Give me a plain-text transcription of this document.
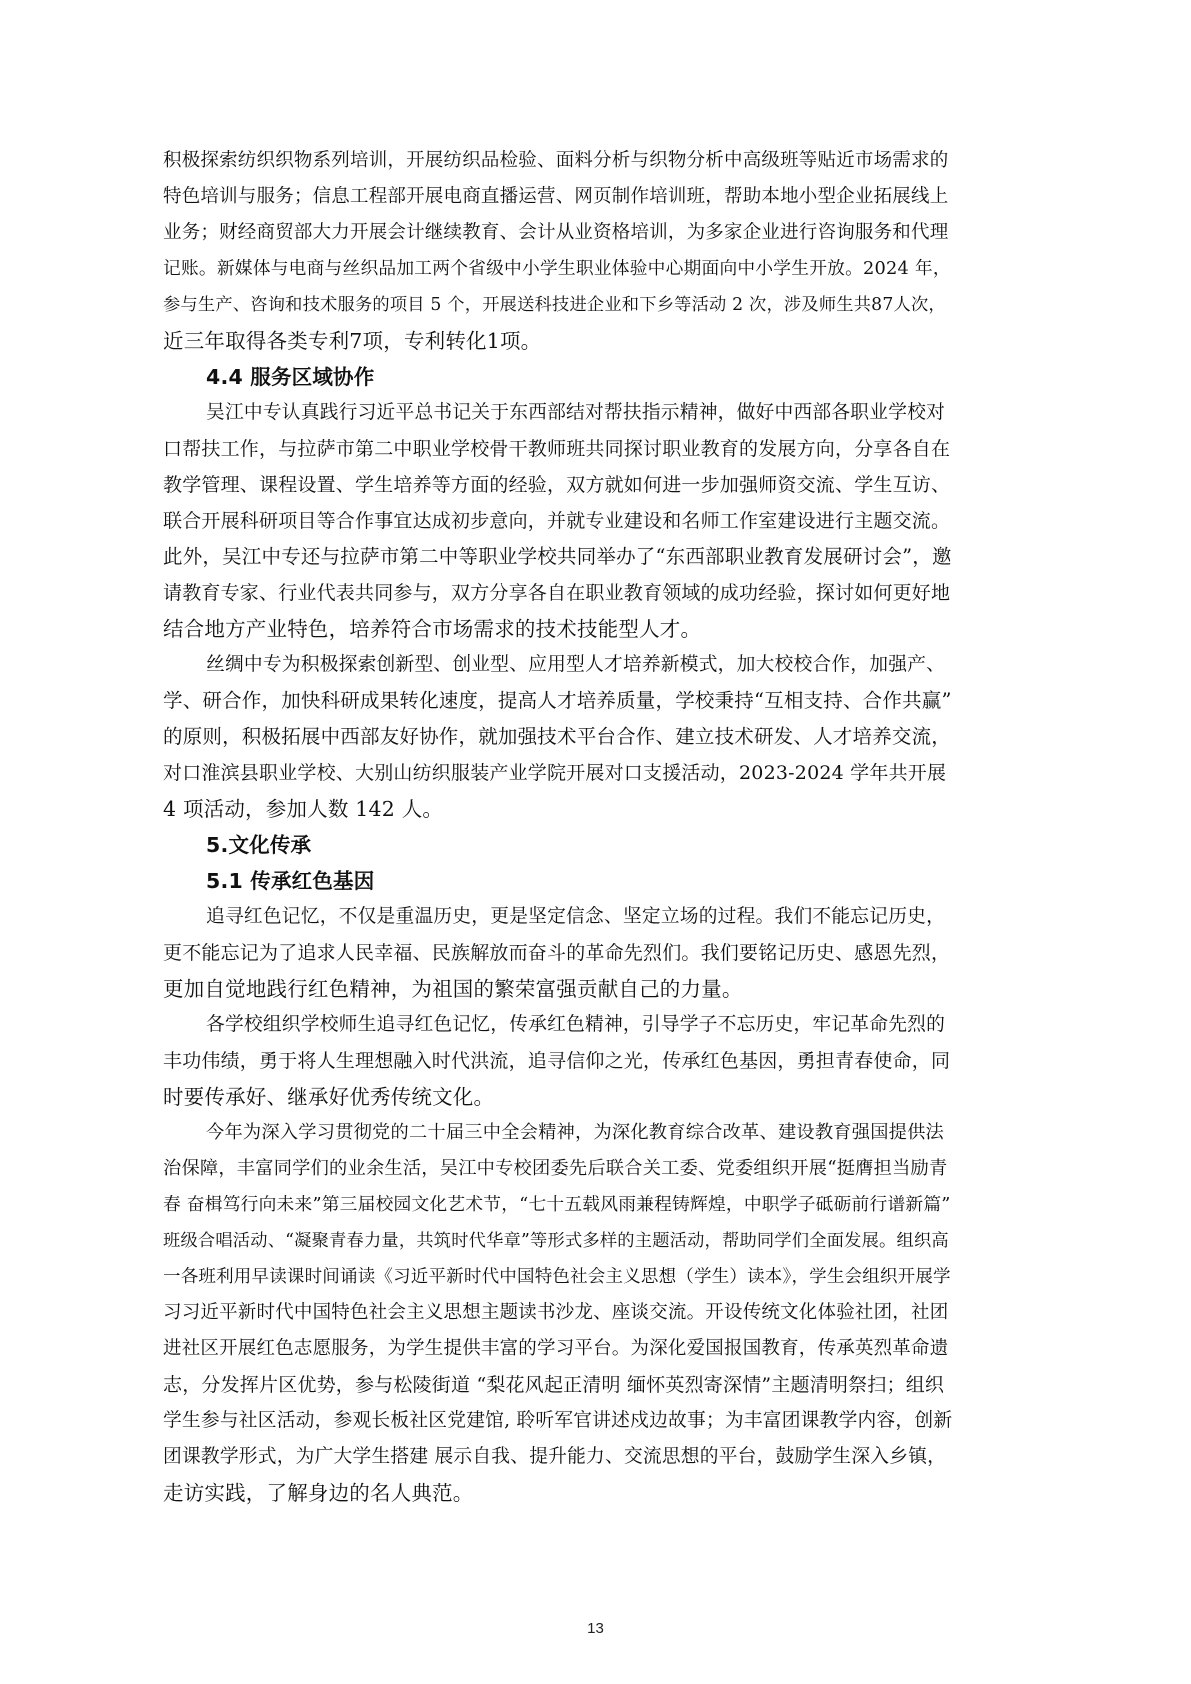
积极探索纺织织物系列培训，开展纺织品检验、面料分析与织物分析中高级班等贴近市场需求的
特色培训与服务；信息工程部开展电商直播运营、网页制作培训班，帮助本地小型企业拓展线上
业务；财经商贸部大力开展会计继续教育、会计从业资格培训，为多家企业进行咨询服务和代理
记账。新媒体与电商与丝织品加工两个省级中小学生职业体验中心期面向中小学生开放。2024 年，
参与生产、咨询和技术服务的项目 5 个，开展送科技进企业和下乡等活动 2 次，涉及师生共87人次，
近三年取得各类专利7项，专利转化1项。
4.4 服务区域协作
吴江中专认真践行习近平总书记关于东西部结对帮扶指示精神，做好中西部各职业学校对
口帮扶工作，与拉萨市第二中职业学校骨干教师班共同探讨职业教育的发展方向，分享各自在
教学管理、课程设置、学生培养等方面的经验，双方就如何进一步加强师资交流、学生互访、
联合开展科研项目等合作事宜达成初步意向，并就专业建设和名师工作室建设进行主题交流。
此外，吴江中专还与拉萨市第二中等职业学校共同举办了“东西部职业教育发展研讨会”，邀
请教育专家、行业代表共同参与，双方分享各自在职业教育领域的成功经验，探讨如何更好地
结合地方产业特色，培养符合市场需求的技术技能型人才。
丝绸中专为积极探索创新型、创业型、应用型人才培养新模式，加大校校合作，加强产、
学、研合作，加快科研成果转化速度，提高人才培养质量，学校秉持“互相支持、合作共赢”
的原则，积极拓展中西部友好协作，就加强技术平台合作、建立技术研发、人才培养交流，
对口淮滨县职业学校、大别山纺织服装产业学院开展对口支援活动，2023-2024 学年共开展
4 项活动，参加人数 142 人。
5.文化传承
5.1 传承红色基因
追寻红色记忆，不仅是重温历史，更是坚定信念、坚定立场的过程。我们不能忘记历史，
更不能忘记为了追求人民幸福、民族解放而奋斗的革命先烈们。我们要铭记历史、感恩先烈，
更加自觉地践行红色精神，为祖国的繁荣富强贡献自己的力量。
各学校组织学校师生追寻红色记忆，传承红色精神，引导学子不忘历史，牢记革命先烈的
丰功伟绩，勇于将人生理想融入时代洪流，追寻信仰之光，传承红色基因，勇担青春使命，同
时要传承好、继承好优秀传统文化。
今年为深入学习贯彻党的二十届三中全会精神，为深化教育综合改革、建设教育强国提供法
治保障，丰富同学们的业余生活，吴江中专校团委先后联合关工委、党委组织开展“挺膺担当励青
春 奋楫笃行向未来”第三届校园文化艺术节，“七十五载风雨兼程铸辉煌，中职学子砥砺前行谱新篇”
班级合唱活动、“凝聚青春力量，共筑时代华章”等形式多样的主题活动，帮助同学们全面发展。组织高
一各班利用早读课时间诵读《习近平新时代中国特色社会主义思想（学生）读本》，学生会组织开展学
习习近平新时代中国特色社会主义思想主题读书沙龙、座谈交流。开设传统文化体验社团，社团
进社区开展红色志愿服务，为学生提供丰富的学习平台。为深化爱国报国教育，传承英烈革命遗
志，分发挥片区优势，参与松陵街道 “梨花风起正清明 缅怀英烈寄深情”主题清明祭扫；组织
学生参与社区活动，参观长板社区党建馆, 聆听军官讲述戍边故事；为丰富团课教学内容，创新
团课教学形式，为广大学生搭建 展示自我、提升能力、交流思想的平台，鼓励学生深入乡镇，
走访实践，了解身边的名人典范。
13
